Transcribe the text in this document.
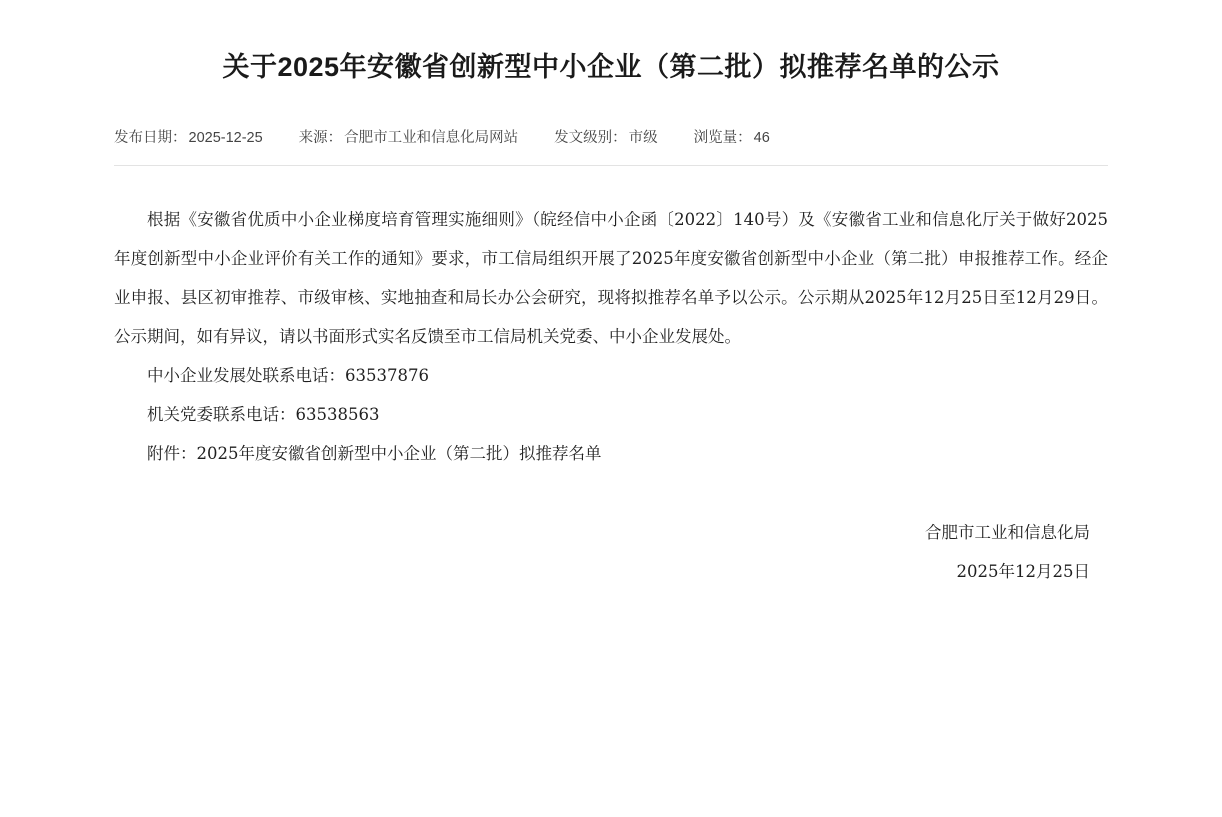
关于2025年安徽省创新型中小企业（第二批）拟推荐名单的公示
发布日期： 2025-12-25 来源： 合肥市工业和信息化局网站 发文级别： 市级 浏览量： 46

根据《安徽省优质中小企业梯度培育管理实施细则》（皖经信中小企函〔2022〕140号）及《安徽省工业和信息化厅关于做好2025年度创新型中小企业评价有关工作的通知》要求，市工信局组织开展了2025年度安徽省创新型中小企业（第二批）申报推荐工作。经企业申报、县区初审推荐、市级审核、实地抽查和局长办公会研究，现将拟推荐名单予以公示。公示期从2025年12月25日至12月29日。公示期间，如有异议，请以书面形式实名反馈至市工信局机关党委、中小企业发展处。

中小企业发展处联系电话：63537876

机关党委联系电话：63538563

附件：2025年度安徽省创新型中小企业（第二批）拟推荐名单

合肥市工业和信息化局
2025年12月25日
